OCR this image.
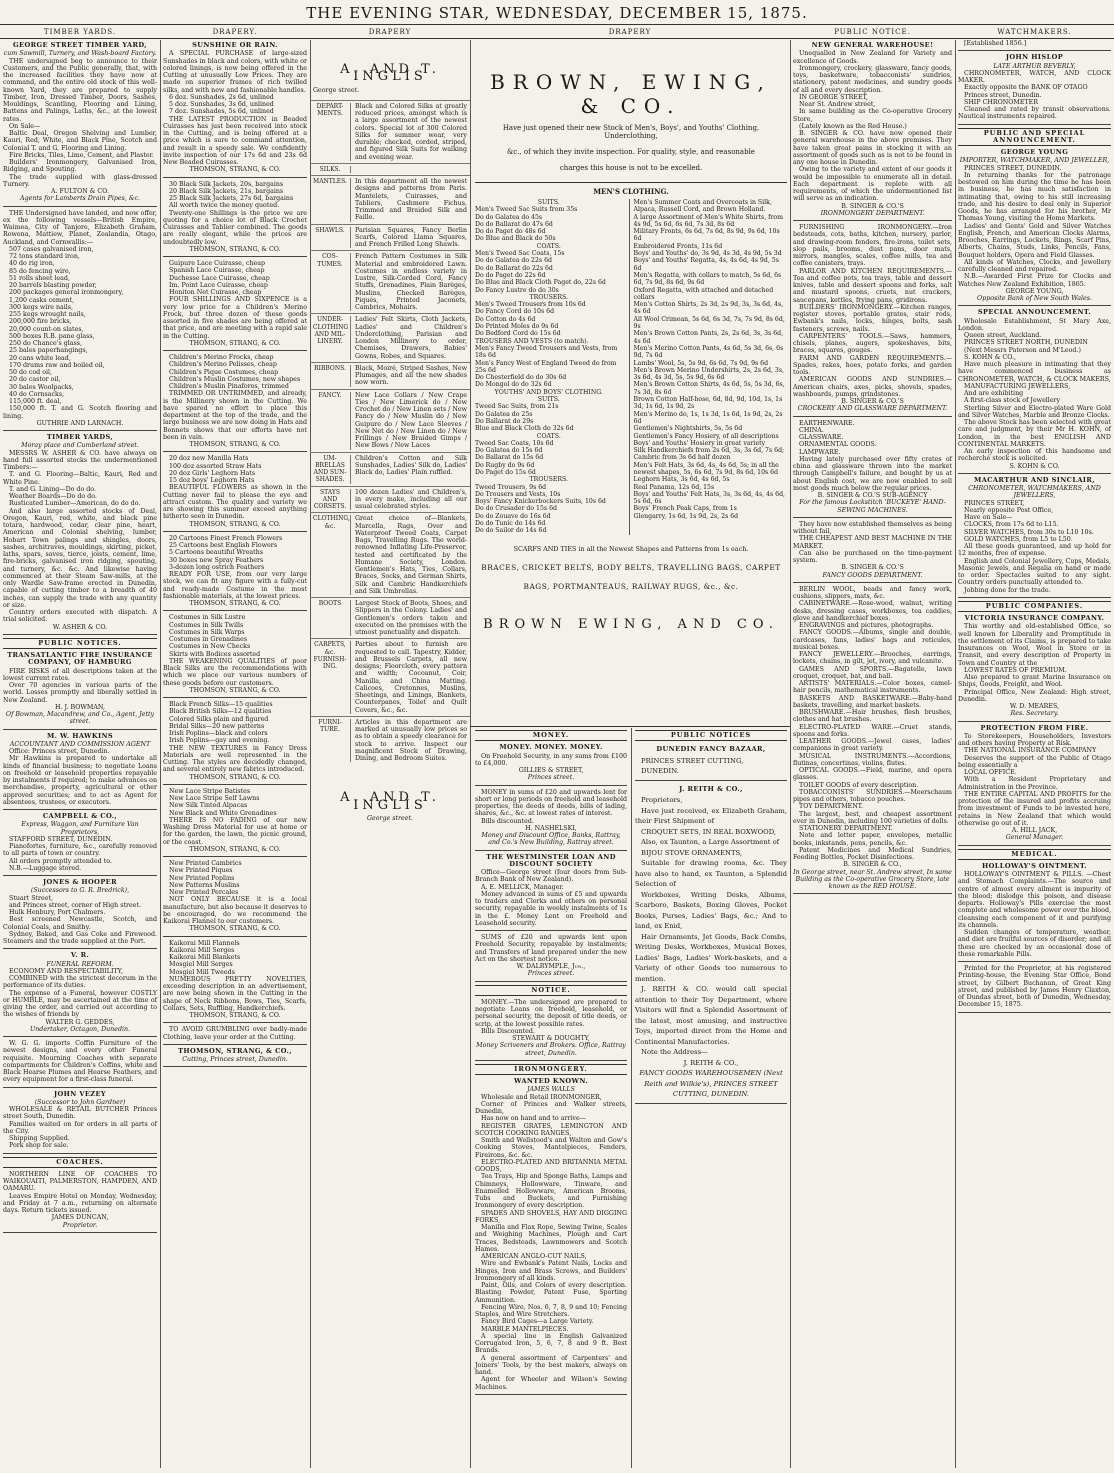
THE EVENING STAR, WEDNESDAY, DECEMBER 15, 1875.
TIMBER YARDS.	DRAPERY.	DRAPERY	DRAPERY	PUBLIC NOTICE.	WATCHMAKERS.
GEORGE STREET TIMBER YARD,
cum Sawmill, Turnery, and Wash-board Factory.

THE undersigned beg to announce to their Customers, and the Public generally, that, with the increased facilities they have now at command, and the entire old stock of this well-known Yard, they are prepared to supply Timber, Iron, Dressed Timber, Doors, Sashes, Mouldings, Scantling, Flooring and Lining, Battens and Palings, Laths, &c., at the lowest rates.

On Sale—

Baltic Deal, Oregon Shelving and Lumber, Kauri, Red, White, and Black Pine, Scotch and Colonial T. and G. Flooring and Lining.

Fire Bricks, Tiles, Lime, Cement, and Plaster.

Builders' Ironmongery, Galvanised Iron, Ridging, and Spouting.

The trade supplied with glass-dressed Turnery.

A. FULTON & CO.
Agents for Lamberts Drain Pipes, &c.

THE Undersigned have landed, and now offer, ex the following vessels—British Empire, Waimea, City of Tanjore, Elizabeth Graham, Rowena, Mattiew, Planet, Zealandia, Otago, Auckland, and Cornwallis:—

507 cases galvanised iron,

72 tons standard iron,

40 do rig iron,

85 do fencing wire,

51 rolls sheet lead,

20 barrels blasting powder,

200 packages general ironmongery,

1,200 casks cement,

300 kegs wire nails,

255 kegs wrought nails,

200,000 fire bricks,

20,000 count-on slates,

500 boxes R.B. pane glass,

250 do Chance's glass,

25 bales paperhangings,

20 cans white lead,

170 drums raw and boiled oil,

50 do cod oil,

20 do castor oil,

30 bales Woolpacks,

40 do Cornsacks,

115,000 ft. deal,

150,000 ft. T. and G. Scotch flooring and lining.

GUTHRIE AND LARNACH.
TIMBER YARDS,
Moray place and Cumberland street.

MESSRS W. ASHER & CO. have always on hand full assorted stocks the undermentioned Timbers:—

T. and G. Flooring—Baltic, Kauri, Red and White Pine.

T. and G. Lining—Do do do.

Weather Boards—Do do do.

Rusticated Lumber—American, do do do.

And also large assorted stocks of Deal, Oregon, Kauri, red, white, and black pine totara, hardwood, cedar, clear pine, heart, American and Colonial shelving, lumber, Hobart Town palings and shingles, doors, sashes, architraves, mouldings, skirting, picket, laths, spars, saves, tierce, joists, cement, lime, fire-bricks, galvanised iron ridging, spouting, and turnery, &c. &c. And likewise having commenced at their Steam Saw-mills, at the only Wardle Saw-frame erected in Dunedin, capable of cutting timber to a breadth of 40 inches, can supply the trade with any quantity or size.

Country orders executed with dispatch. A trial solicited.

W. ASHER & CO.
PUBLIC NOTICES.
TRANSATLANTIC FIRE INSURANCE COMPANY, OF HAMBURG

FIRE RISKS of all descriptions taken at the lowest current rates.

Over 70 agencies in various parts of the world. Losses promptly and liberally settled in New Zealand.

H. J. BOWMAN,
Of Bowman, Macandrew, and Co., Agent, Jetty street.
M. W. HAWKINS
ACCOUNTANT AND COMMISSION AGENT

Office: Princes street, Dunedin.

Mr Hawkins is prepared to undertake all kinds of financial business; to negotiate Loans on freehold or leasehold properties repayable by instalments if required; to make advances on merchandise, property, agricultural or other approved securities; and to act as Agent for absentees, trustees, or executors.

CAMPBELL & CO.,
Express, Waggon, and Furniture Van Proprietors,

STAFFORD STREET, DUNEDIN.

Pianofortes, furniture, &c., carefully removed to all parts of town or country.

All orders promptly attended to.

N.B.—Luggage stored.

JONES & HOOPER
(Successors to G. R. Bredrick),

Stuart Street,

and Princes street, corner of High street.

Hulk Henbury, Port Chalmers.

Best screened Newcastle, Scotch, and Colonial Coals, and Smithy.

Sydney, Baked, and Gas Coke and Firewood. Steamers and the trade supplied at the Port.

V. R.
FUNERAL REFORM.

ECONOMY AND RESPECTABILITY,

COMBINED with the strictest decorum in the performance of its duties.

The expense of a Funeral, however COSTLY or HUMBLE, may be ascertained at the time of giving the order, and carried out according to the wishes of friends by

WALTER G. GEDDES,
Undertaker, Octagon, Dunedin.

W. G. G. imports Coffin Furniture of the newest designs, and every other Funeral requisite. Mourning Coaches with separate compartments for Children's Coffins, white and Black Hearse Plumes and Hearse Feathers, and every equipment for a first-class funeral.

JOHN VEZEY
(Successor to John Gardner)

WHOLESALE & RETAIL BUTCHER Princes street South, Dunedin.

Families waited on for orders in all parts of the City.

Shipping Supplied.

Pork shop for sale.

COACHES.

NORTHERN LINE OF COACHES TO WAIKOUAITI, PALMERSTON, HAMPDEN, AND OAMARU.

Leaves Empire Hotel on Monday, Wednesday, and Friday at 7 a.m., returning on alternate days. Return tickets issued.

JAMES DUNCAN,
Proprietor.
SUNSHINE OR RAIN.

A SPECIAL PURCHASE of large-sized Sunshades in black and colors, with white or colored linings, is now being offered in the Cutting at unusually Low Prices. They are made on superior frames of rich twilled silks, and with new and fashionable handles.

6 doz. Sunshades, 2s 6d, unlined

5 doz. Sunshades, 3s 6d, unlined

7 doz. Sunshades, 5s 6d, unlined

THE LATEST PRODUCTION in Beaded Cuirasses has just been received into stock in the Cutting, and is being offered at a price which is sure to command attention, and result in a speedy sale. We confidently invite inspection of our 17s 6d and 23s 6d New Beaded Cuirasses.

THOMSON, STRANG, & CO.

30 Black Silk Jackets, 20s, bargains

20 Black Silk Jackets, 21s, bargains

25 Black Silk Jackets, 27s 6d, bargains

All worth twice the money quoted.

Twenty-one Shillings is the price we are quoting for a choice lot of Black Crochet Cuirasses and Tablier combined. The goods are really elegant, while the prices are undoubtedly low.

THOMSON, STRANG, & CO.

Guipure Lace Cuirasse, cheap

Spanish Lace Cuirasse, cheap

Duchesse Lace Cuirasse, cheap

Im. Point Lace Cuirasse, cheap

Honiton Net Cuirasse, cheap

FOUR SHILLINGS AND SIXPENCE is a very low price for a Children's Merino Frock, but three dozen of these goods assorted in five shades are being offered at that price, and are meeting with a rapid sale in the Cutting.

THOMSON, STRANG, & CO.

Children's Merino Frocks, cheap

Children's Merino Pelisses, cheap

Children's Pique Costumes, cheap

Children's Muslin Costumes, new shapes

Children's Muslin Pinafores, trimmed

TRIMMED OR UNTRIMMED, and already, is the Millinery shown in the Cutting. We have spared no effort to place this department at the top of the trade, and the large business we are now doing in Hats and Bonnets shows that our efforts have not been in vain.

THOMSON, STRANG, & CO.

20 doz new Manilla Hats

100 doz assorted Straw Hats

20 doz Girls' Leghorn Hats

15 doz boys' Leghorn Hats

BEAUTIFUL FLOWERS as shown in the Cutting never fail to please the eye and attract custom. The quality and variety we are showing this summer exceed anything hitherto seen in Dunedin.

THOMSON, STRANG, & CO.

20 Cartoons Finest French Flowers

25 Cartoons best English Flowers

5 Cartoons beautiful Wreaths

30 boxes new Spray Feathers

3-dozen long ostrich Feathers

READY FOR USE, from our very large stock, we can fit any figure with a fully-cut and ready-made Costume in the most fashionable materials, at the lowest prices.

THOMSON, STRANG, & CO.

Costumes in Silk Lustre

Costumes in Silk Twills

Costumes in Silk Warps

Costumes in Grenadines

Costumes in New Checks

Skirts with Bodices assorted

THE WEAKENING QUALITIES of poor Black Silks are the recommendations with which we place our various numbers of these goods before our customers.

THOMSON, STRANG, & CO.

Black French Silks—15 qualities

Black British Silks—12 qualities

Colored Silks plain and figured

Bridal Silks—20 new patterns

Irish Poplins—black and colors

Irish Poplins—gay and evening.

THE NEW TEXTURES in Fancy Dress Materials are well represented in the Cutting. The styles are decidedly changed, and several entirely new fabrics introduced.

THOMSON, STRANG, & CO.

New Lace Stripe Batistes

New Lace Stripe Self Lawns

New Silk Tinted Alpacas

New Black and White Grenadines

THERE IS NO FADING of our new Washing Dress Material for use at home or for the garden, the lawn, the picnic ground, or the coast.

THOMSON, STRANG, & CO.

New Printed Cambrics

New Printed Piques

New Printed Poplins

New Patterns Muslins

New Printed Percales

NOT ONLY BECAUSE it is a local manufacture, but also because it deserves to be encouraged, do we recommend the Kaikorai Flannel to our customers.

THOMSON, STRANG, & CO.

Kaikorai Mill Flannels

Kaikorai Mill Serges

Kaikorai Mill Blankets

Mosgiel Mill Serges

Mosgiel Mill Tweeds

NUMEROUS PRETTY NOVELTIES, exceeding description in an advertisement, are now being shown in the Cutting in the shape of Neck Ribbons, Bows, Ties, Scarfs, Collars, Sets, Ruffling, Handkerchiefs.

THOMSON, STRANG, & CO.

TO AVOID GRUMBLING over badly-made Clothing, leave your order at the Cutting.

THOMSON, STRANG, & CO.,
Cutting, Princes street, Dunedin.
A. AND T. INGLIS
George street.
DEPART-MENTS.
Black and Colored Silks at greatly reduced prices, amongst which is a large assortment of the newest colors. Special lot of 300 Colored Silks for summer wear, very durable; checked, corded, striped, and figured Silk Suits for walking and evening wear.
SILKS.
MANTLES.	In this department all the newest designs and patterns from Paris. Mantelets, Cuirasses, and Tabliers, Cashmere Fichus, Trimmed and Braided Silk and Faille.
SHAWLS.	Parisian Squares, Fancy Berlin Scarfs, Colored Llama Squares, and French Frilled Long Shawls.
COS-TUMES.
French Pattern Costumes in Silk Material and embroidered Lawn. Costumes in endless variety in Lustre, Silk-Corded Cord, Fancy Stuffs, Grenadines, Plain Barèges, Muslins, Checked Barèges, Piqués, Printed Jaconets, Cambrics, Mohairs.
UNDER-CLOTHING AND MIL-LINERY.
Ladies' Felt Skirts, Cloth Jackets, Ladies' and Children's Underclothing, Parisian and London Millinery to order, Chemises, Drawers, Babies' Gowns, Robes, and Squares.
RIBBONS.	Black, Moiré, Striped Sashes, New Plumages, and all the new shades now worn.
FANCY.	New Lace Collars / New Crape Ties / New Limerick do / New Crochet do / New Linen sets / New Fancy do / New Muslin do / New Guipure do / New Lace Sleeves / New Net do / New Linen do / New Frillings / New Braided Gimps / New Bows / New Laces
UM-BRELLAS AND SUN-SHADES.
Children's Cotton and Silk Sunshades, Ladies' Silk do, Ladies' Black do, Ladies' Plain ruffled.
STAYS AND CORSETS.
100 dozen Ladies' and Children's, in every make, including all our usual celebrated styles.
CLOTHING, &c.
Great choice of—Blankets, Marcella, Rugs, Over and Waterproof Tweed Coats, Carpet Bags, Travelling Rugs. The world-renowned Inflating Life-Preserver, tested and certificated by the Humane Society, London. Gentlemen's Hats, Ties, Collars, Braces, Socks, and German Shirts, Silk and Cambric Handkerchiefs and Silk Umbrellas.
BOOTS	Largest Stock of Boots, Shoes, and Slippers in the Colony. Ladies' and Gentlemen's orders taken and executed on the premises with the utmost punctuality and dispatch.
CARPETS, &c. FURNISH-ING.
Parties about to furnish are requested to call. Tapestry, Kidder, and Brussels Carpets, all new designs; Floorcloth, every pattern and width; Cocoanut, Coir, Manilla, and China Matting. Calicoes, Cretonnes, Muslins, Sheetings, and Linings, Blankets, Counterpanes, Toilet and Quilt Covers, &c., &c.
FURNI-TURE.
Articles in this department are marked at unusually low prices so as to obtain a speedy clearance for stock to arrive. Inspect our magnificent Stock of Drawing, Dining, and Bedroom Suites.
A. AND T. INGLIS
George street.
BROWN, EWING, & CO.
Have just opened their new Stock of Men's, Boys', and Youths' Clothing, Underclothing,
&c., of which they invite inspection. For quality, style, and reasonable
charges this house is not to be excelled.
MEN'S CLOTHING.
SUITS.
Men's Tweed Sac Suits from 35s
Do do Galatea do 45s
Do do Ballarat do 47s 6d
Do do Paget do 48s 6d
Do Blue and Black do 50s
COATS.
Men's Tweed Sac Coats, 15s
Do do Galatea do 22s 6d
Do do Ballarat do 22s 6d
Do do Paget do 22s 6d
Do Blue and Black Cloth Paget do, 22s 6d
Do Fancy Lustre do do 30s
TROUSERS.
Men's Tweed Trousers from 10s 6d
Do Fancy Cord do 10s 6d
Do Cotton do 4s 6d
Do Printed Moles do 9s 6d
Do Bedford Cord do 15s 6d
TROUSERS AND VESTS (to match).
Men's Fancy Tweed Trousers and Vests, from 18s 6d
Men's Fancy West of England Tweed do from 25s 6d
Do Chesterfield do do 30s 6d
Do Mongol do do 32s 6d
YOUTHS' AND BOYS' CLOTHING.
SUITS.
Tweed Sac Suits, from 21s
Do Galatea do 25s
Do Ballarat do 29s
Blue and Black Cloth do 32s 6d
COATS.
Tweed Sac Coats, 10s 6d
Do Galatea do 15s 6d
Do Ballarat do 15s 6d
Do Rugby do 9s 6d
Do Paget do 15s 6d
TROUSERS.
Tweed Trousers, 9s 6d
Do Trousers and Vests, 10s
Boys' Fancy Knickerbockers Suits, 10s 6d
Do do Crusader do 15s 6d
Do do Zouave do 16s 6d
Do do Tunic do 14s 6d
Do do Sailor do 14s 6d
Men's Summer Coats and Overcoats in Silk, Alpaca, Russell Cord, and Brown Holland.
A large Assortment of Men's White Shirts, from 4s 9d, 5s 6d, 6s 6d, 7s 3d, 8s 6d
Military Fronts, 6s 6d, 7s 6d, 8s 9d, 9s 6d, 10s 6d
Embroidered Fronts, 11s 6d
Boys' and Youths' do, 3s 9d, 4s 3d, 4s 9d, 5s 3d
Boys' and Youths' Regatta, 4s, 4s 6d, 4s 9d, 5s 6d
Men's Regatta, with collars to match, 5s 6d, 6s 6d, 7s 9d, 8s 6d, 9s 6d
Oxford Regatta, with attached and detached collars
Men's Cotton Shirts, 2s 3d, 2s 9d, 3s, 3s 6d, 4s, 4s 6d
All Wool Crimean, 5s 6d, 6s 3d, 7s, 7s 9d, 8s 6d, 9s
Men's Brown Cotton Pants, 2s, 2s 6d, 3s, 3s 6d, 4s 6d
Men's Merino Cotton Pants, 4s 6d, 5s 3d, 6s, 6s 9d, 7s 6d
Lambs' Wool, 5s, 5s 9d, 6s 6d, 7s 9d, 9s 6d
Men's Brown Merino Undershirts, 2s, 2s 6d, 3s, 3s 6d, 4s 3d, 5s, 5s 9d, 6s 6d
Men's Brown Cotton Shirts, 4s 6d, 5s, 5s 3d, 6s, 7s 3d, 8s 6d
Brown Cotton Half-hose, 6d, 8d, 9d, 10d, 1s, 1s 3d, 1s 6d, 1s 9d, 2s
Men's Merino do, 1s, 1s 3d, 1s 6d, 1s 9d, 2s, 2s 6d
Gentlemen's Nightshirts, 5s, 5s 6d
Gentlemen's Fancy Hosiery, of all descriptions
Boys' and Youths' Hosiery in great variety
Silk Handkerchiefs from 2s 6d, 3s, 3s 6d, 7s 6d; Cambric from 3s 6d half dozen
Men's Felt Hats, 3s 6d, 4s, 4s 6d, 5s; in all the newest shapes, 5s, 6s 6d, 7s 9d, 8s 6d, 10s 6d
Leghorn Hats, 3s 6d, 4s 6d, 5s
Real Panama, 12s 6d, 15s
Boys' and Youths' Felt Hats, 3s, 3s 6d, 4s, 4s 6d, 5s 6d, 6s
Boys' French Peak Caps, from 1s
Glengarry, 1s 6d, 1s 9d, 2s, 2s 6d
SCARFS AND TIES in all the Newest Shapes and Patterns from 1s each.
BRACES, CRICKET BELTS, BODY BELTS, TRAVELLING BAGS, CARPET
BAGS, PORTMANTEAUS, RAILWAY RUGS, &c., &c.
BROWN EWING, AND CO.
MONEY.
MONEY. MONEY. MONEY.

On Freehold Security, in any sums from £100 to £4,000.

GILLIES & STREET,
Princes street.

MONEY in sums of £20 and upwards lent for short or long periods on freehold and leasehold properties, the deeds of deeds, bills of lading, shares, &c., &c. at lowest rates of interest.

Bills discounted.

H. NASHELSKI,
Money and Discount Office, Banks, Rattray, and Co.'s New Building, Rattray street.
THE WESTMINSTER LOAN AND DISCOUNT SOCIETY

Office—George street (four doors from Sub-Branch Bank of New Zealand).

A. E. MELLICK, Manager.

Money advanced in sums of £5 and upwards to traders and Clerks and others on personal security, repayable in weekly instalments of 1s in the £. Money Lent on Freehold and Leasehold security.

SUMS of £20 and upwards lent upon Freehold Security, repayable by instalments; and Transfers of land prepared under the new Act on the shortest notice.

W. DALRYMPLE, Jun.,
Princes street.
NOTICE.

MONEY.—The undersigned are prepared to negotiate Loans on freehold, leasehold, or personal security, the deposit of title deeds, or scrip, at the lowest possible rates.

Bills Discounted.

STEWART & DOUGHTY,
Money Scriveners and Brokers. Office, Rattray street, Dunedin.
IRONMONGERY.
WANTED KNOWN.
JAMES WALLS

Wholesale and Retail IRONMONGER,

Corner of Princes and Walker streets, Dunedin,

Has now on hand and to arrive—

REGISTER GRATES, LEMINGTON AND SCOTCH COOKING RANGES,

Smith and Wellstood's and Walton and Gow's Cooking Stoves, Mantelpieces, Fenders, Fireirons, &c. &c.

ELECTRO-PLATED AND BRITANNIA METAL GOODS,

Tea Trays, Hip and Sponge Baths, Lamps and Chimneys, Hollowware, Tinware, and Enamelled Hollowware, American Brooms, Tubs and Buckets, and Furnishing Ironmongery of every description.

SPADES AND SHOVELS, HAY AND DIGGING FORKS,

Manilla and Flax Rope, Sewing Twine, Scales and Weighing Machines, Plough and Cart Traces, Bedsteads, Lawnmowers and Scotch Hames.

AMERICAN ANGLO-CUT NAILS,

Wire and Ewbank's Patent Nails, Locks and Hinges, Iron and Brass Screws, and Builders' Ironmongery of all kinds.

Paint, Oils, and Colors of every description. Blasting Powder, Patent Fuse, Sporting Ammunition.

Fencing Wire, Nos. 6, 7, 8, 9 and 10; Fencing Staples, and Wire Stretchers.

Fancy Bird Cages—a Large Variety.

MARBLE MANTELPIECES.

A special line in English Galvanized Corrugated Iron, 5, 6, 7, 8 and 9 ft. Best Brands.

A general assortment of Carpenters' and Joiners' Tools, by the best makers, always on hand.

Agent for Wheeler and Wilson's Sewing Machines.

PUBLIC NOTICES
DUNEDIN FANCY BAZAAR,

PRINCES STREET CUTTING,

DUNEDIN.

J. REITH & CO.,

Proprietors,

Have just received, ex Elizabeth Graham, their First Shipment of

CROQUET SETS, IN REAL BOXWOOD,

Also, ex Taunton, a Large Assortment of

BIJOU STOVE ORNAMENTS,

Suitable for drawing rooms, &c. They have also to hand, ex Taunton, a Splendid Selection of

Workboxes, Writing Desks, Albums, Scarboro, Baskets, Boxing Gloves, Pocket Books, Purses, Ladies' Bags, &c.; And to land, ex Enid,

Hair Ornaments, Jet Goods, Back Combs, Writing Desks, Workboxes, Musical Boxes, Ladies' Bags, Ladies' Work-baskets, and a Variety of other Goods too numerous to mention.

J. REITH & CO. would call special attention to their Toy Department, where Visitors will find a Splendid Assortment of the latest, most amusing, and instructive Toys, imported direct from the Home and Continental Manufactories.

Note the Address—

J. REITH & CO.,
FANCY GOODS WAREHOUSEMEN (Next Reith and Wilkie's), PRINCES STREET CUTTING, DUNEDIN.
NEW GENERAL WAREHOUSE!

Unequalled in New Zealand for Variety and excellence of Goods.

Ironmongery, crockery, glassware, fancy goods, toys, basketware, tobacconists' sundries, stationery, patent medicines, and sundry goods of all and every description.

IN GEORGE STREET,

Near St. Andrew street,

In same building as the Co-operative Grocery Store,

(Lately known as the Red House.)

B. SINGER & CO. have now opened their general warehouse in the above premises. They have taken great pains in stocking it with an assortment of goods such as is not to be found in any one house in Dunedin.

Owing to the variety and extent of our goods it would be impossible to enumerate all in detail. Each department is replete with all requirements, of which the undermentioned list will serve as an indication.

B. SINGER & CO.'S
IRONMONGERY DEPARTMENT.

FURNISHING IRONMONGERY.—Iron bedsteads, cots, baths, kitchen, nursery, parlor, and drawing-room fenders, fire-irons, toilet sets, slop pails, brooms, dust pans, door mats, mirrors, mangles, scales, coffee mills, tea and coffee canisters, trays.

PARLOR AND KITCHEN REQUIREMENTS.—Tea and coffee pots, tea trays, table and dessert knives, table and dessert spoons and forks, salt and mustard spoons, cruets, nut crackers, saucepans, kettles, frying pans, gridirons.

BUILDERS' IRONMONGERY.—Kitchen ranges, register stoves, portable grates, stair rods, Ewbank's nails, locks, hinges, bolts, sash fasteners, screws, nails.

CARPENTERS' TOOLS.—Saws, hammers, chisels, planes, augers, spokeshaves, bits, braces, squares, gouges.

FARM AND GARDEN REQUIREMENTS.—Spades, rakes, hoes, potato forks, and garden tools.

AMERICAN GOODS AND SUNDRIES.—American chairs, axes, picks, shovels, spades, washboards, pumps, grindstones.

B. SINGER & CO.'S
CROCKERY AND GLASSWARE DEPARTMENT.

EARTHENWARE.

CHINA.

GLASSWARE.

ORNAMENTAL GOODS.

LAMPWARE.

Having lately purchased over fifty crates of china and glassware thrown into the market through Campbell's failure, and bought by us at about English cost, we are now enabled to sell most goods much below the regular prices.

B. SINGER & CO.'S SUB-AGENCY
For the famous Lockstitch 'BUCKEYE' HAND-SEWING MACHINES.

They have now established themselves as being without fail,

THE CHEAPEST AND BEST MACHINE IN THE MARKET.

Can also be purchased on the time-payment system.

B. SINGER & CO.'S
FANCY GOODS DEPARTMENT.

BERLIN WOOL, beads and fancy work, cushions, slippers, mats, &c.

CABINETWARE.—Rose-wood, walnut, writing desks, dressing cases, workboxes, tea caddies, glove and handkerchief boxes.

ENGRAVINGS and pictures, photographs.

FANCY GOODS.—Albums, single and double, cardcases, fans, ladies' bags and reticules, musical boxes.

FANCY JEWELLERY.—Brooches, earrings, lockets, chains, in gilt, jet, ivory, and vulcanite.

GAMES AND SPORTS.—Bagatelle, lawn croquet, croquet, bat, and ball.

ARTISTS' MATERIALS.—Color boxes, camel-hair pencils, mathematical instruments.

BASKETS AND BASKETWARE.—Baby-hand baskets, travelling, and market baskets.

BRUSHWARE.—Hair brushes, flesh brushes, clothes and hat brushes.

ELECTRO-PLATED WARE.—Cruet stands, spoons and forks.

LEATHER GOODS.—Jewel cases, ladies' companions in great variety.

MUSICAL INSTRUMENTS.—Accordions, flutinas, concertinas, violins, flutes.

OPTICAL GOODS.—Field, marine, and opera glasses.

TOILET GOODS of every description.

TOBACCONISTS' SUNDRIES.—Meerschaum pipes and others, tobacco pouches.

TOY DEPARTMENT.

The largest, best, and cheapest assortment ever in Dunedin, including 100 varieties of dolls.

STATIONERY DEPARTMENT.

Note and letter paper, envelopes, metallic books, inkstands, pens, pencils, &c.

Patent Medicines and Medical Sundries, Feeding Bottles, Pocket Disinfections.

B. SINGER & CO.,
In George street, near St. Andrew street, In same Building as the Co-operative Grocery Store, late known as the RED HOUSE.

[Established 1856.]

JOHN HISLOP
LATE ARTHUR BEVERLY,

CHRONOMETER, WATCH, AND CLOCK MAKER.

Exactly opposite the BANK OF OTAGO

Princes street, Dunedin.

SHIP CHRONOMETER

Cleaned and rated by transit observations. Nautical instruments repaired.

PUBLIC AND SPECIAL ANNOUNCEMENT.
GEORGE YOUNG
IMPORTER, WATCHMAKER, AND JEWELLER,

PRINCES STREET, DUNEDIN.

In returning thanks for the patronage bestowed on him during the time he has been in business, he has much satisfaction in intimating that, owing to his still increasing trade, and his desire to deal only in Superior Goods, he has arranged for his brother, Mr Thomas Young, visiting the Home Markets.

Ladies' and Gents' Gold and Silver Watches English, French, and American Clocks Alarms, Brooches, Earrings, Lockets, Rings, Scarf Pins, Alberts, Chains, Studs, Links, Pencils, Fans, Bouquet holders, Opera and Field Glasses.

All kinds of Watches, Clocks, and Jewellery carefully cleaned and repaired.

N.B.—Awarded First Prize for Clocks and Watches New Zealand Exhibition, 1865.

GEORGE YOUNG,
Opposite Bank of New South Wales.
SPECIAL ANNOUNCEMENT.

Wholesale Establishment, St Mary Axe, London.

Queen street, Auckland.

PRINCES STREET NORTH, DUNEDIN

(Next Messrs Paterson and M'Leod.)

S. KOHN & CO.,

Have much pleasure in intimating that they have commenced business as CHRONOMETER, WATCH, & CLOCK MAKERS,

MANUFACTURING JEWELLERS,

And are exhibiting

A first-class stock of Jewellery

Sterling Silver and Electro-plated Ware Gold and Silver Watches, Marble and Bronze Clocks.

The above Stock has been selected with great care and judgment, by their Mr H. KOHN, of London, in the best ENGLISH AND CONTINENTAL MARKETS.

An early inspection of this handsome and recherché stock is solicited.

S. KOHN & CO.
MACARTHUR AND SINCLAIR,
CHRONOMETER, WATCHMAKERS, AND JEWELLERS,

PRINCES STREET,

Nearly opposite Post Office,

Have on Sale—

CLOCKS, from 17s 6d to L15.

SILVER WATCHES, from 30s to L10 10s.

GOLD WATCHES, from L5 to L50.

All these goods guaranteed, and up hold for 12 months, free of expense.

English and Colonial Jewellery, Cups, Medals, Masonic Jewels, and Regalia on hand or made to order. Spectacles suited to any sight. Country orders punctually attended to.

Jobbing done for the trade.

PUBLIC COMPANIES.
VICTORIA INSURANCE COMPANY.

This worthy and old-established Office, so well known for Liberality and Promptitude in the settlement of its Claims, is prepared to take Insurances on Wool, Wool in Store or in Transit, and every description of Property in Town and Country at the

LOWEST RATES OF PREMIUM.

Also prepared to grant Marine Insurance on Ships, Goods, Freight, and Wool.

Principal Office, New Zealand: High street, Dunedin.

W. D. MEARES,
Res. Secretary.
PROTECTION FROM FIRE.

To Storekeepers, Householders, Investors and others having Property at Risk.

THE NATIONAL INSURANCE COMPANY

Deserves the support of the Public of Otago being essentially a

LOCAL OFFICE.

With a Resident Proprietary and Administration in the Province.

THE ENTIRE CAPITAL AND PROFITS for the protection of the insured and profits accruing from investment of Funds to be invested here, retains in New Zealand that which would otherwise go out of it.

A. HILL JACK,
General Manager.
MEDICAL.
HOLLOWAY'S OINTMENT.

HOLLOWAY'S OINTMENT & PILLS. —Chest and Stomach Complaints.—The source and centre of almost every ailment is impurity of the blood; dislodge this poison, and disease departs. Holloway's Pills exercise the most complete and wholesome power over the blood, cleansing each component of it and purifying its channels.

Sudden changes of temperature, weather, and diet are fruitful sources of disorder; and all these are checked by an occasional dose of these remarkable Pills.

Printed for the Proprietor, at his registered Printing-house, the Evening Star Office, Bond street, by Gilbert Buchanan, of Great King street, and published by James Henry Claxton, of Dundas street, both of Dunedin, Wednesday, December 15, 1875.
